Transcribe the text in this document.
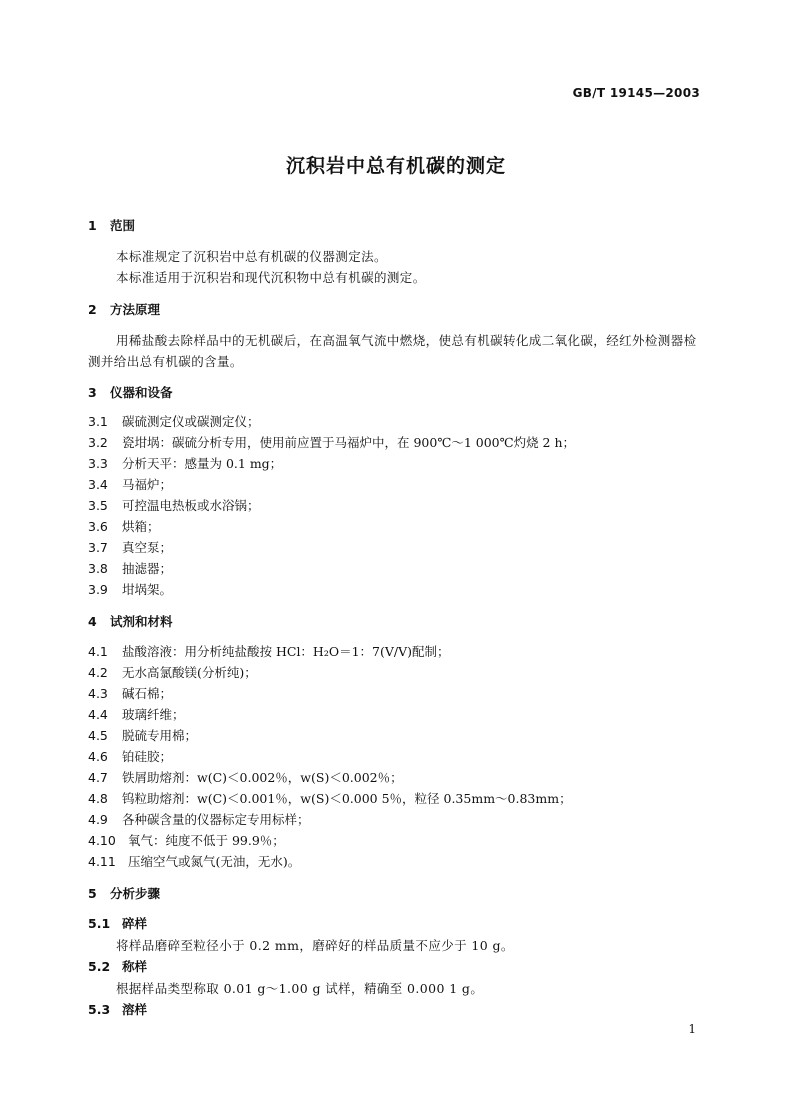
GB/T 19145—2003
沉积岩中总有机碳的测定
1 范围
本标准规定了沉积岩中总有机碳的仪器测定法。
本标准适用于沉积岩和现代沉积物中总有机碳的测定。
2 方法原理
用稀盐酸去除样品中的无机碳后，在高温氧气流中燃烧，使总有机碳转化成二氧化碳，经红外检测器检测并给出总有机碳的含量。
3 仪器和设备
3.1 碳硫测定仪或碳测定仪；
3.2 瓷坩埚：碳硫分析专用，使用前应置于马福炉中，在 900℃～1 000℃灼烧 2 h；
3.3 分析天平：感量为 0.1 mg；
3.4 马福炉；
3.5 可控温电热板或水浴锅；
3.6 烘箱；
3.7 真空泵；
3.8 抽滤器；
3.9 坩埚架。
4 试剂和材料
4.1 盐酸溶液：用分析纯盐酸按 HCl：H₂O＝1：7(V/V)配制；
4.2 无水高氯酸镁(分析纯)；
4.3 碱石棉；
4.4 玻璃纤维；
4.5 脱硫专用棉；
4.6 铂硅胶；
4.7 铁屑助熔剂：w(C)＜0.002％，w(S)＜0.002％；
4.8 钨粒助熔剂：w(C)＜0.001％，w(S)＜0.000 5％，粒径 0.35mm～0.83mm；
4.9 各种碳含量的仪器标定专用标样；
4.10 氧气：纯度不低于 99.9％；
4.11 压缩空气或氮气(无油，无水)。
5 分析步骤
5.1 碎样
将样品磨碎至粒径小于 0.2 mm，磨碎好的样品质量不应少于 10 g。
5.2 称样
根据样品类型称取 0.01 g～1.00 g 试样，精确至 0.000 1 g。
5.3 溶样
1
